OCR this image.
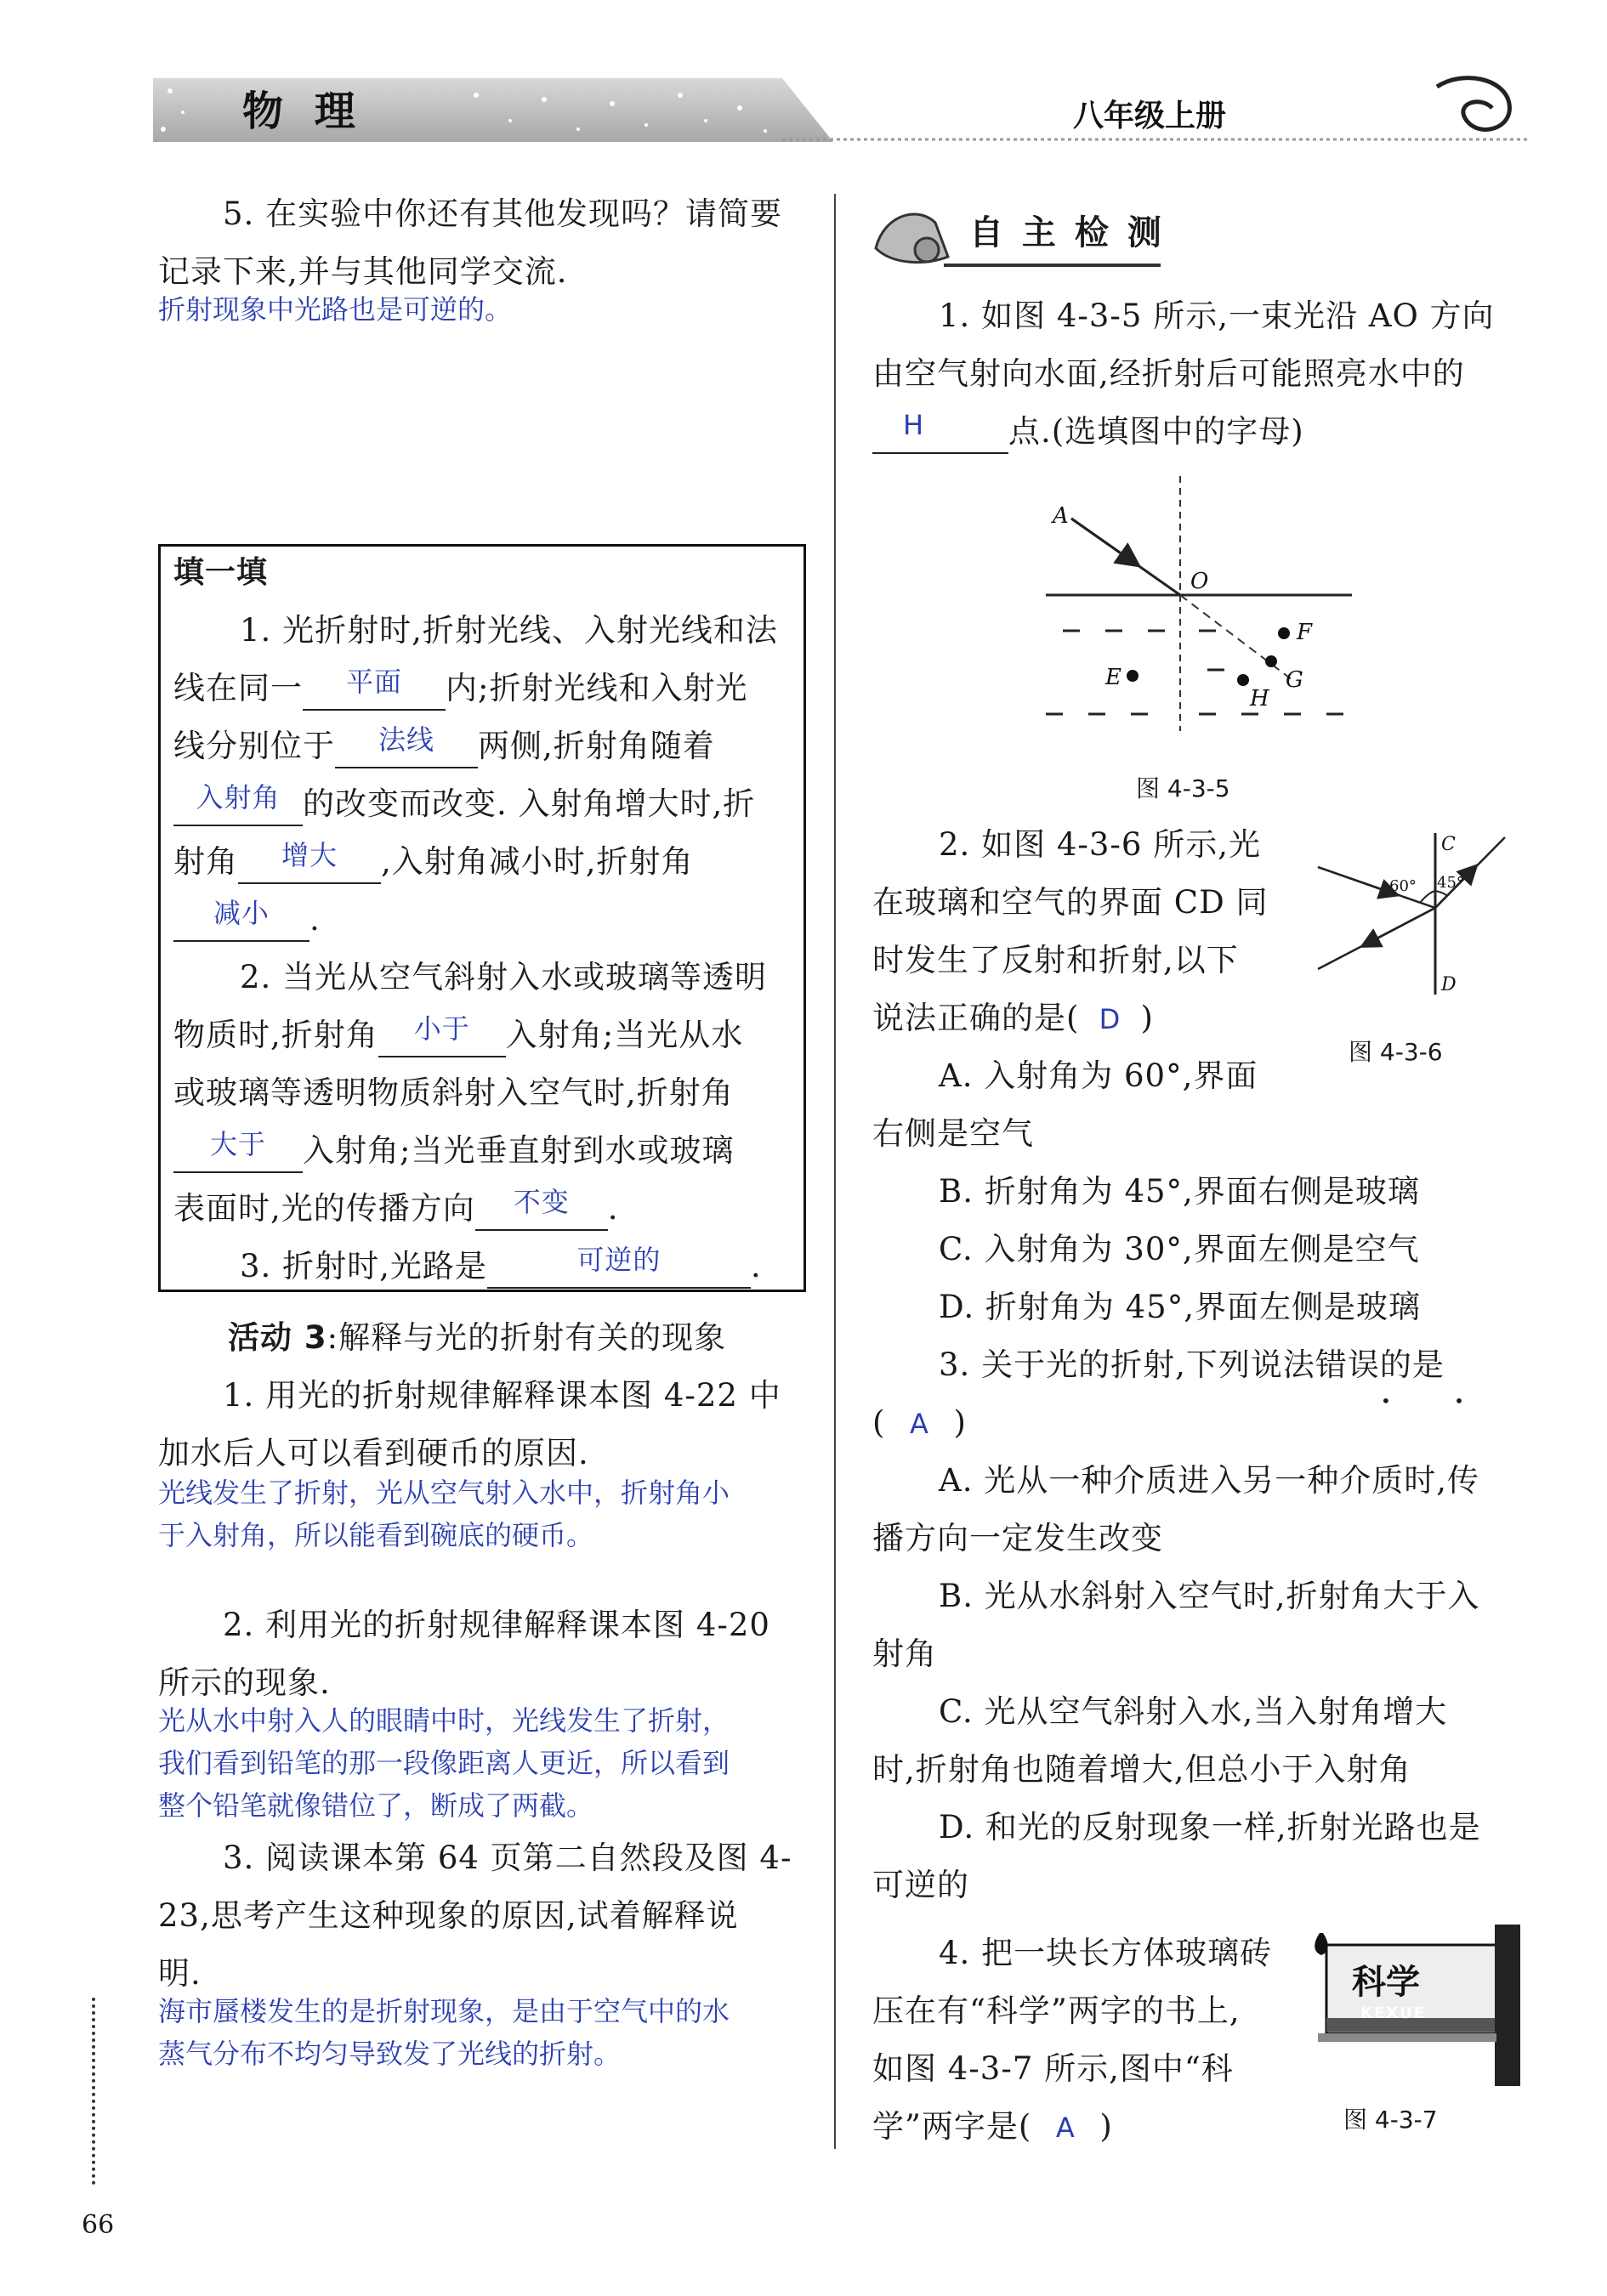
物 理	八年级上册
5. 在实验中你还有其他发现吗？请简要
记录下来,并与其他同学交流.
折射现象中光路也是可逆的。
填一填
1. 光折射时,折射光线、入射光线和法
线在同一	平面	内;折射光线和入射光
线分别位于	法线	两侧,折射角随着
入射角 的改变而改变. 入射角增大时,折
射角	增大	,入射角减小时,折射角
减小	.
2. 当光从空气斜射入水或玻璃等透明
物质时,折射角	小于	入射角;当光从水
或玻璃等透明物质斜射入空气时,折射角
大于	入射角;当光垂直射到水或玻璃
表面时,光的传播方向	不变	.
3. 折射时,光路是	可逆的	.
活动 3:解释与光的折射有关的现象
1. 用光的折射规律解释课本图 4-22 中
加水后人可以看到硬币的原因.
光线发生了折射，光从空气射入水中，折射角小
于入射角，所以能看到碗底的硬币。
2. 利用光的折射规律解释课本图 4-20
所示的现象.
光从水中射入人的眼睛中时，光线发生了折射，
我们看到铅笔的那一段像距离人更近，所以看到
整个铅笔就像错位了，断成了两截。
3. 阅读课本第 64 页第二自然段及图 4-
23,思考产生这种现象的原因,试着解释说
明.
海市蜃楼发生的是折射现象，是由于空气中的水
蒸气分布不均匀导致发了光线的折射。
66
自 主 检 测
1. 如图 4-3-5 所示,一束光沿 AO 方向
由空气射向水面,经折射后可能照亮水中的
H	点.(选填图中的字母)
A
O
F
E	G
H
图 4-3-5
2. 如图 4-3-6 所示,光
在玻璃和空气的界面 CD 同
时发生了反射和折射,以下
说法正确的是( D )
C
60° 45°
D
图 4-3-6
A. 入射角为 60°,界面
右侧是空气
B. 折射角为 45°,界面右侧是玻璃
C. 入射角为 30°,界面左侧是空气
D. 折射角为 45°,界面左侧是玻璃
3. 关于光的折射,下列说法错误的是
• •
( A )
A. 光从一种介质进入另一种介质时,传
播方向一定发生改变
B. 光从水斜射入空气时,折射角大于入
射角
C. 光从空气斜射入水,当入射角增大
时,折射角也随着增大,但总小于入射角
D. 和光的反射现象一样,折射光路也是
可逆的
4. 把一块长方体玻璃砖
压在有“科学”两字的书上,
如图 4-3-7 所示,图中“科
学”两字是( A )
科学
KEXUE
图 4-3-7
